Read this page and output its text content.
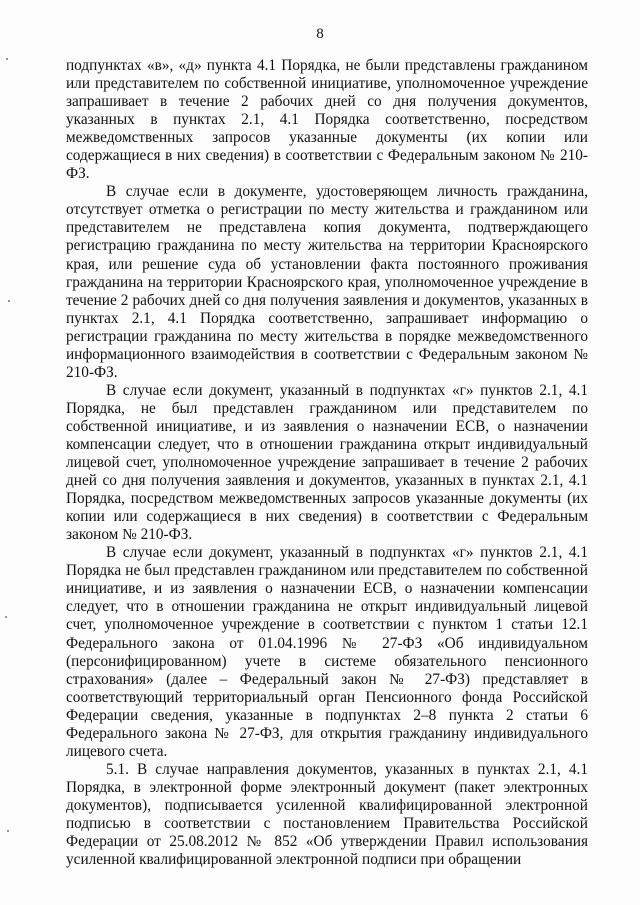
8

подпунктах «в», «д» пункта 4.1 Порядка, не были представлены гражданином или представителем по собственной инициативе, уполномоченное учреждение запрашивает в течение 2 рабочих дней со дня получения документов, указанных в пунктах 2.1, 4.1 Порядка соответственно, посредством межведомственных запросов указанные документы (их копии или содержащиеся в них сведения) в соответствии с Федеральным законом № 210-ФЗ.

В случае если в документе, удостоверяющем личность гражданина, отсутствует отметка о регистрации по месту жительства и гражданином или представителем не представлена копия документа, подтверждающего регистрацию гражданина по месту жительства на территории Красноярского края, или решение суда об установлении факта постоянного проживания гражданина на территории Красноярского края, уполномоченное учреждение в течение 2 рабочих дней со дня получения заявления и документов, указанных в пунктах 2.1, 4.1 Порядка соответственно, запрашивает информацию о регистрации гражданина по месту жительства в порядке межведомственного информационного взаимодействия в соответствии с Федеральным законом № 210-ФЗ.

В случае если документ, указанный в подпунктах «г» пунктов 2.1, 4.1 Порядка, не был представлен гражданином или представителем по собственной инициативе, и из заявления о назначении ЕСВ, о назначении компенсации следует, что в отношении гражданина открыт индивидуальный лицевой счет, уполномоченное учреждение запрашивает в течение 2 рабочих дней со дня получения заявления и документов, указанных в пунктах 2.1, 4.1 Порядка, посредством межведомственных запросов указанные документы (их копии или содержащиеся в них сведения) в соответствии с Федеральным законом № 210-ФЗ.

В случае если документ, указанный в подпунктах «г» пунктов 2.1, 4.1 Порядка не был представлен гражданином или представителем по собственной инициативе, и из заявления о назначении ЕСВ, о назначении компенсации следует, что в отношении гражданина не открыт индивидуальный лицевой счет, уполномоченное учреждение в соответствии с пунктом 1 статьи 12.1 Федерального закона от 01.04.1996 № 27-ФЗ «Об индивидуальном (персонифицированном) учете в системе обязательного пенсионного страхования» (далее – Федеральный закон № 27-ФЗ) представляет в соответствующий территориальный орган Пенсионного фонда Российской Федерации сведения, указанные в подпунктах 2–8 пункта 2 статьи 6 Федерального закона № 27-ФЗ, для открытия гражданину индивидуального лицевого счета.

5.1. В случае направления документов, указанных в пунктах 2.1, 4.1 Порядка, в электронной форме электронный документ (пакет электронных документов), подписывается усиленной квалифицированной электронной подписью в соответствии с постановлением Правительства Российской Федерации от 25.08.2012 № 852 «Об утверждении Правил использования усиленной квалифицированной электронной подписи при обращении
